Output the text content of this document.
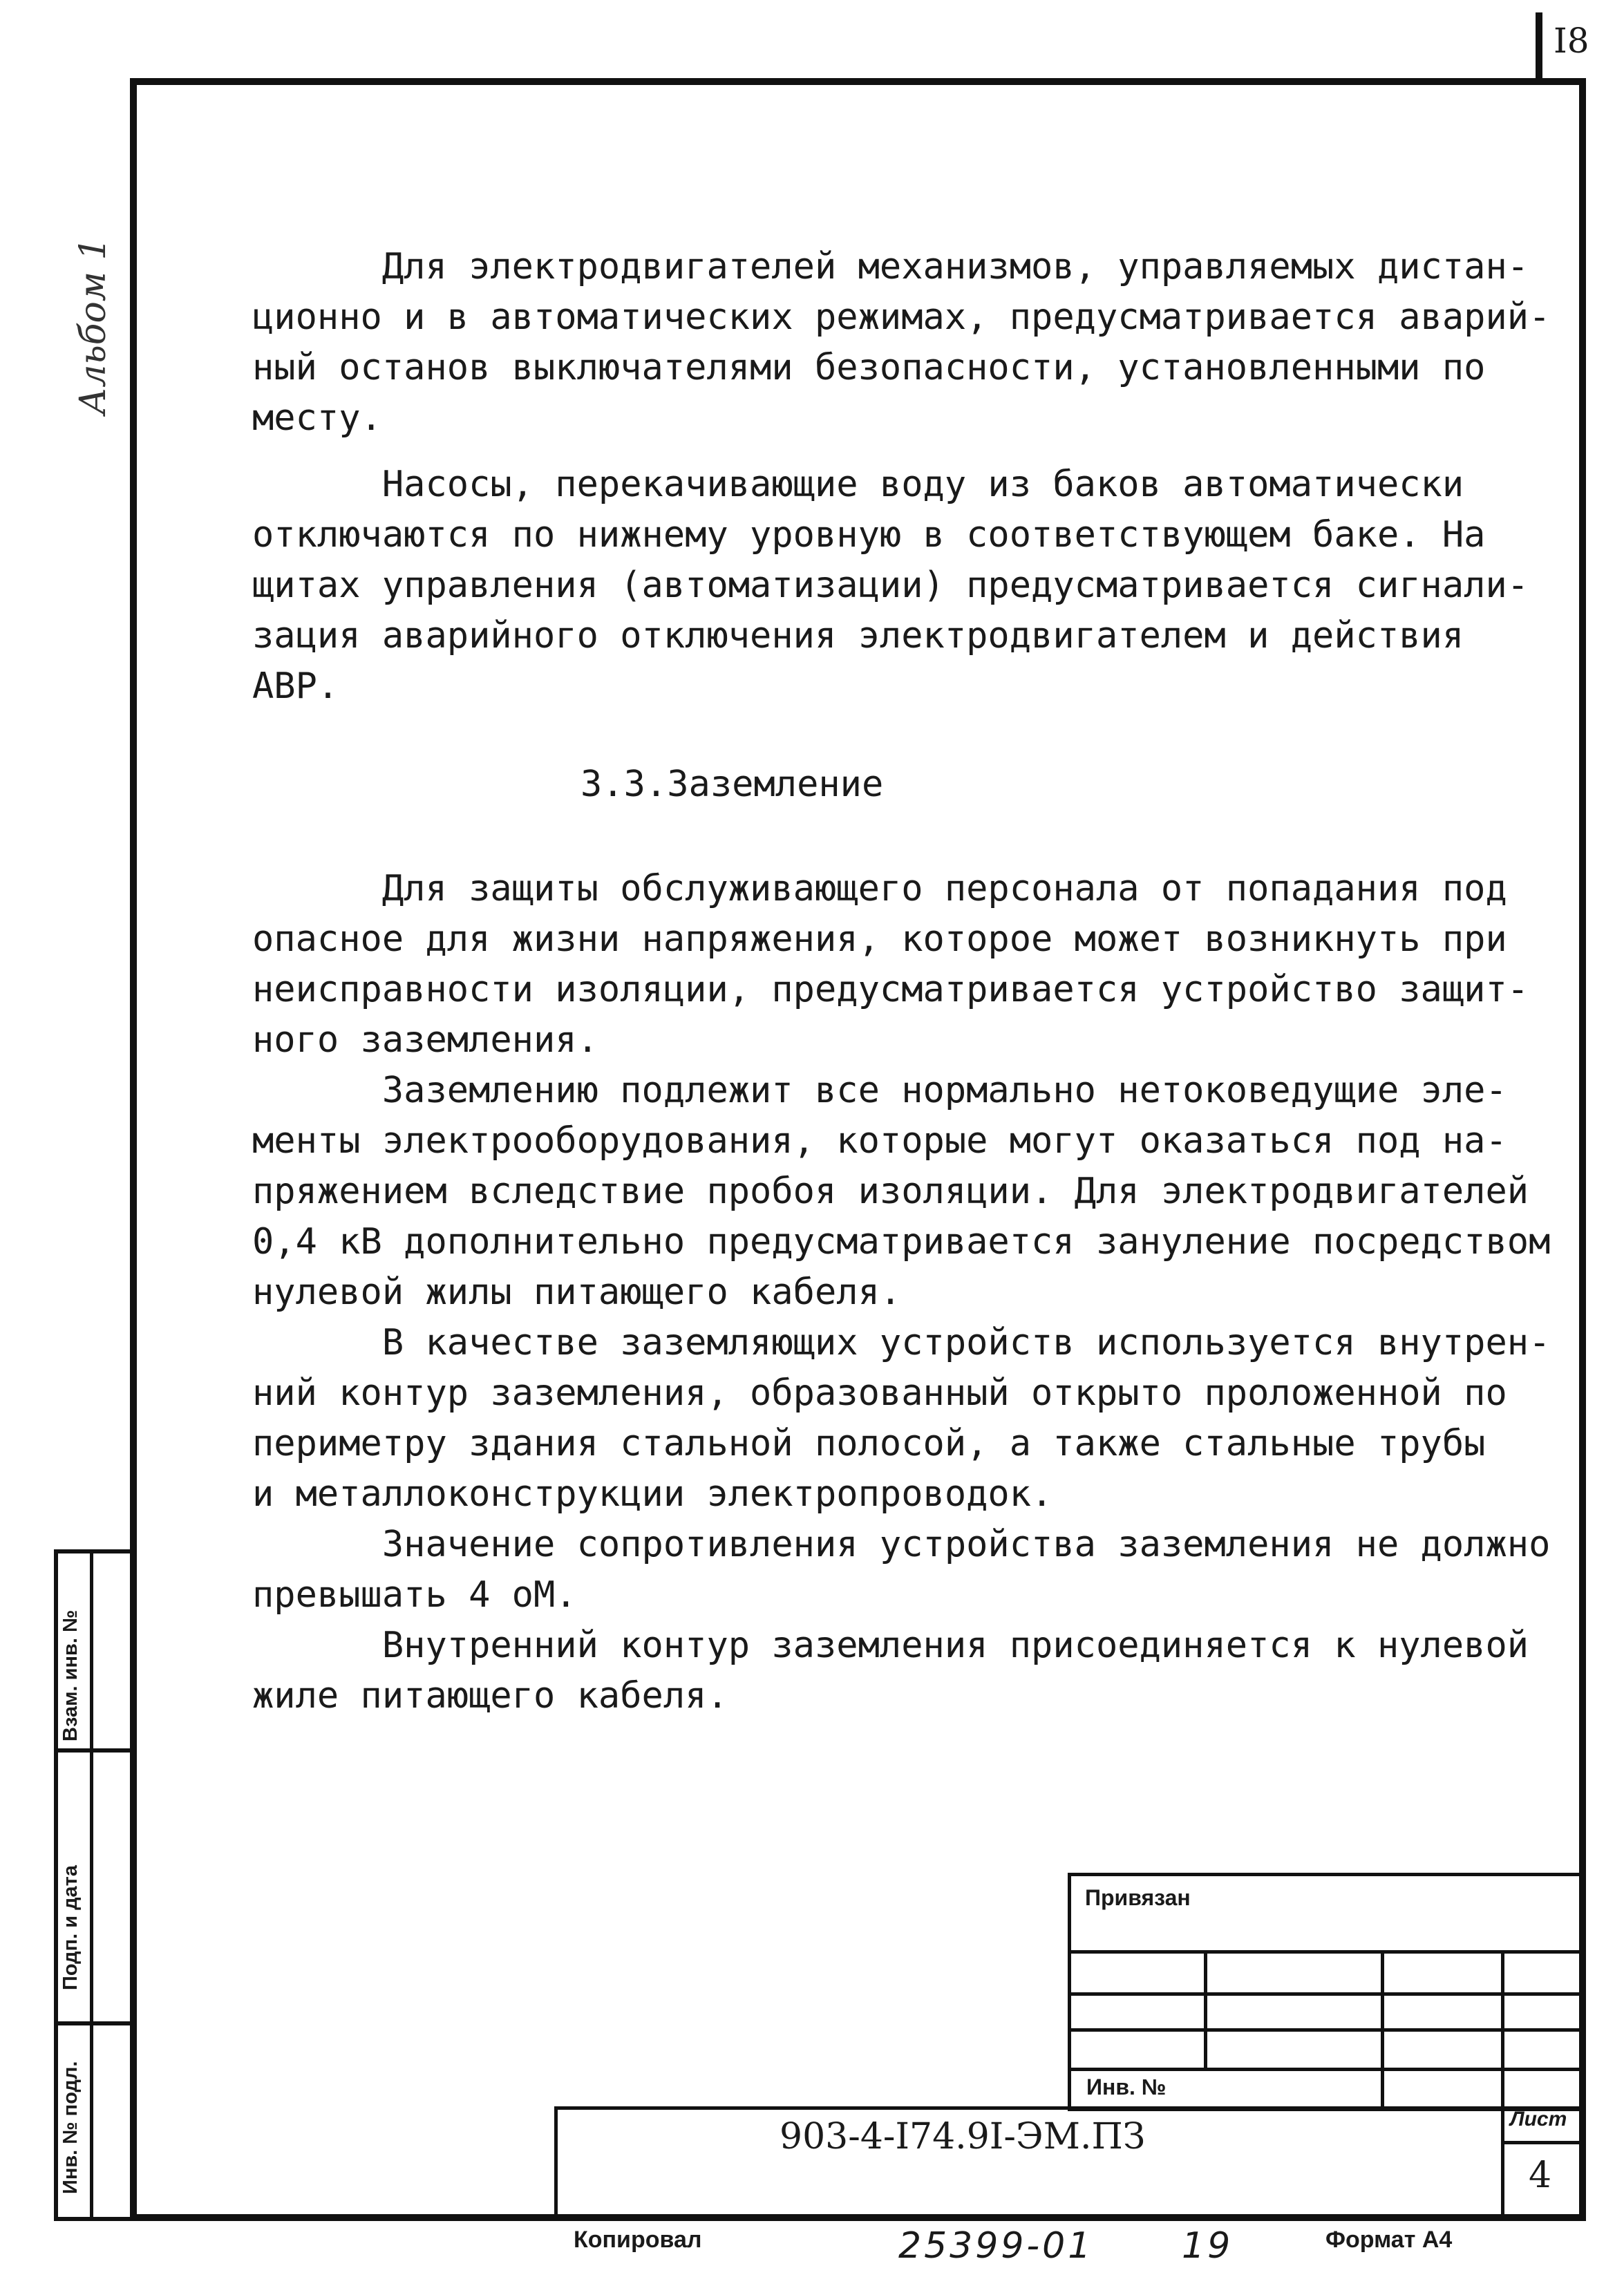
I8
Альбом 1	Для электродвигателей механизмов, управляемых дистан-
ционно и в автоматических режимах, предусматривается аварий-
ный останов выключателями безопасности, установленными по
месту.
Насосы, перекачивающие воду из баков автоматически
отключаются по нижнему уровную в соответствующем баке. На
щитах управления (автоматизации) предусматривается сигнали-
зация аварийного отключения электродвигателем и действия
АВР.
3.3.Заземление
Для защиты обслуживающего персонала от попадания под
опасное для жизни напряжения, которое может возникнуть при
неисправности изоляции, предусматривается устройство защит-
ного заземления.
Заземлению подлежит все нормально нетоковедущие эле-
менты электрооборудования, которые могут оказаться под на-
пряжением вследствие пробоя изоляции. Для электродвигателей
0,4 кВ дополнительно предусматривается зануление посредством
нулевой жилы питающего кабеля.
В качестве заземляющих устройств используется внутрен-
ний контур заземления, образованный открыто проложенной по
периметру здания стальной полосой, а также стальные трубы
и металлоконструкции электропроводок.
Значение сопротивления устройства заземления не должно
превышать 4 оМ.
Внутренний контур заземления присоединяется к нулевой
жиле питающего кабеля.
Взам. инв. №
Подп. и дата
Инв. № подл.
Привязан
Инв. №
903-4-I74.9I-ЭМ.ПЗ	Лист
4
Копировал	25399-01 19	Формат А4
